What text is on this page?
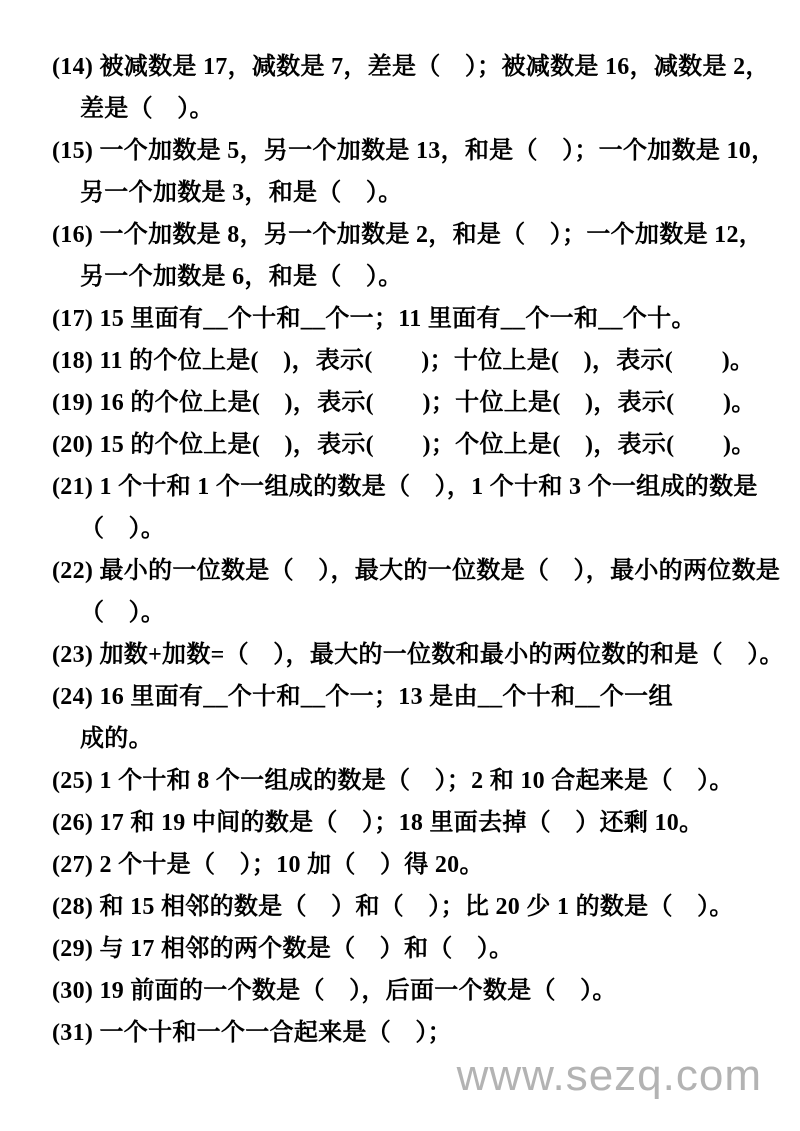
(14) 被减数是 17，减数是 7，差是（　）；被减数是 16，减数是 2，
差是（　）。
(15) 一个加数是 5，另一个加数是 13，和是（　）；一个加数是 10，
另一个加数是 3，和是（　）。
(16) 一个加数是 8，另一个加数是 2，和是（　）；一个加数是 12，
另一个加数是 6，和是（　）。
(17) 15 里面有__个十和__个一；11 里面有__个一和__个十。
(18) 11 的个位上是(　)，表示(　　)；十位上是(　)，表示(　　)。
(19) 16 的个位上是(　)，表示(　　)；十位上是(　)，表示(　　)。
(20) 15 的个位上是(　)，表示(　　)；个位上是(　)，表示(　　)。
(21) 1 个十和 1 个一组成的数是（　），1 个十和 3 个一组成的数是
（　）。
(22) 最小的一位数是（　），最大的一位数是（　），最小的两位数是
（　）。
(23) 加数+加数=（　），最大的一位数和最小的两位数的和是（　）。
(24) 16 里面有__个十和__个一；13 是由__个十和__个一组
成的。
(25) 1 个十和 8 个一组成的数是（　）；2 和 10 合起来是（　）。
(26) 17 和 19 中间的数是（　）；18 里面去掉（　）还剩 10。
(27) 2 个十是（　）；10 加（　）得 20。
(28) 和 15 相邻的数是（　）和（　）；比 20 少 1 的数是（　）。
(29) 与 17 相邻的两个数是（　）和（　）。
(30) 19 前面的一个数是（　），后面一个数是（　）。
(31) 一个十和一个一合起来是（　）；
www.sezq.com
